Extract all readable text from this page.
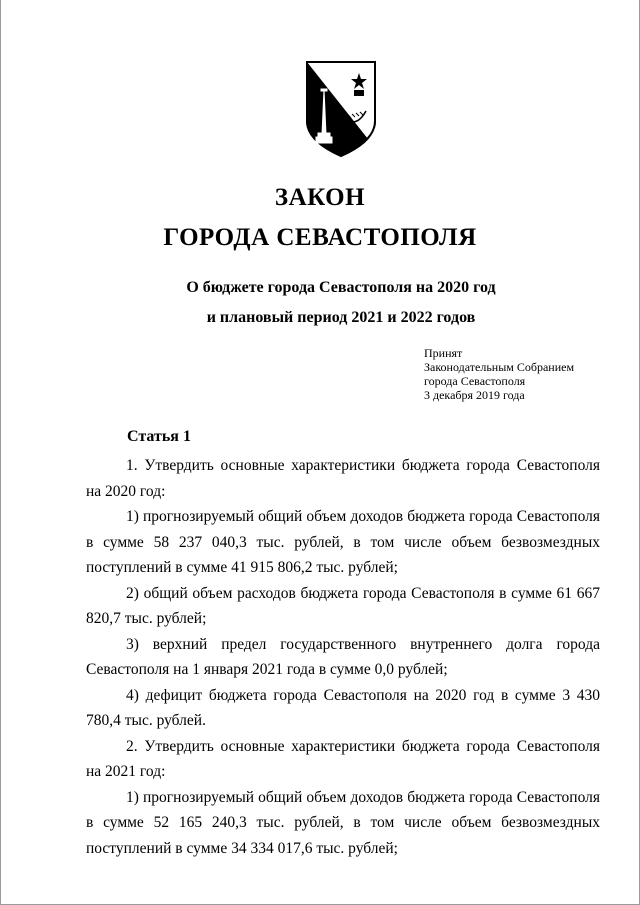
ЗАКОН
ГОРОДА СЕВАСТОПОЛЯ
О бюджете города Севастополя на 2020 год
и плановый период 2021 и 2022 годов
Принят
Законодательным Собранием
города Севастополя
3 декабря 2019 года
Статья 1

1. Утвердить основные характеристики бюджета города Севастополя на 2020 год:

1) прогнозируемый общий объем доходов бюджета города Севастополя в сумме 58 237 040,3 тыс. рублей, в том числе объем безвозмездных поступлений в сумме 41 915 806,2 тыс. рублей;

2) общий объем расходов бюджета города Севастополя в сумме 61 667 820,7 тыс. рублей;

3) верхний предел государственного внутреннего долга города Севастополя на 1 января 2021 года в сумме 0,0 рублей;

4) дефицит бюджета города Севастополя на 2020 год в сумме 3 430 780,4 тыс. рублей.

2. Утвердить основные характеристики бюджета города Севастополя на 2021 год:

1) прогнозируемый общий объем доходов бюджета города Севастополя в сумме 52 165 240,3 тыс. рублей, в том числе объем безвозмездных поступлений в сумме 34 334 017,6 тыс. рублей;
